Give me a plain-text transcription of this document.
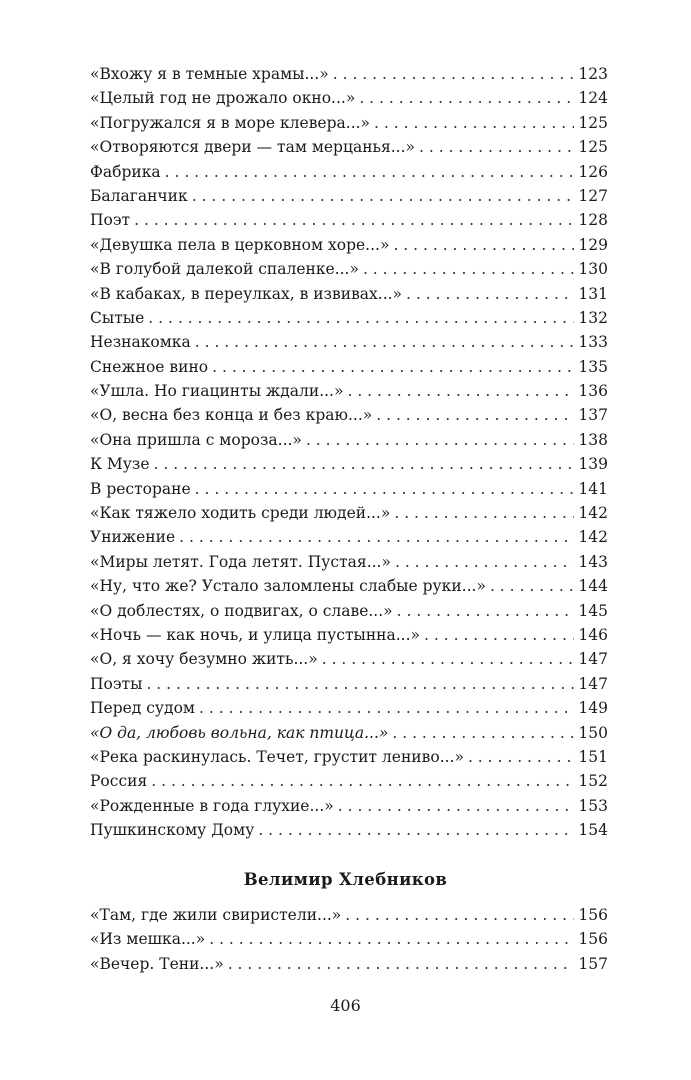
«Вхожу я в темные храмы...» . . .	123
«Целый год не дрожало окно...» . . .	124
«Погружался я в море клевера...» . . .	125
«Отворяются двери — там мерцанья...» . . .	125
Фабрика . . .	126
Балаганчик . . .	127
Поэт . . .	128
«Девушка пела в церковном хоре...» . . .	129
«В голубой далекой спаленке...» . . .	130
«В кабаках, в переулках, в извивах...» . . .	131
Сытые . . .	132
Незнакомка . . .	133
Снежное вино . . .	135
«Ушла. Но гиацинты ждали...» . . .	136
«О, весна без конца и без краю...» . . .	137
«Она пришла с мороза...» . . .	138
К Музе . . .	139
В ресторане . . .	141
«Как тяжело ходить среди людей...» . . .	142
Унижение . . .	142
«Миры летят. Года летят. Пустая...» . . .	143
«Ну, что же? Устало заломлены слабые руки...» . . .	144
«О доблестях, о подвигах, о славе...» . . .	145
«Ночь — как ночь, и улица пустынна...» . . .	146
«О, я хочу безумно жить...» . . .	147
Поэты . . .	147
Перед судом . . .	149
«О да, любовь вольна, как птица...» . . .	150
«Река раскинулась. Течет, грустит лениво...» . . .	151
Россия . . .	152
«Рожденные в года глухие...» . . .	153
Пушкинскому Дому . . .	154
Велимир Хлебников
«Там, где жили свиристели...» . . .	156
«Из мешка...» . . .	156
«Вечер. Тени...» . . .	157
406
